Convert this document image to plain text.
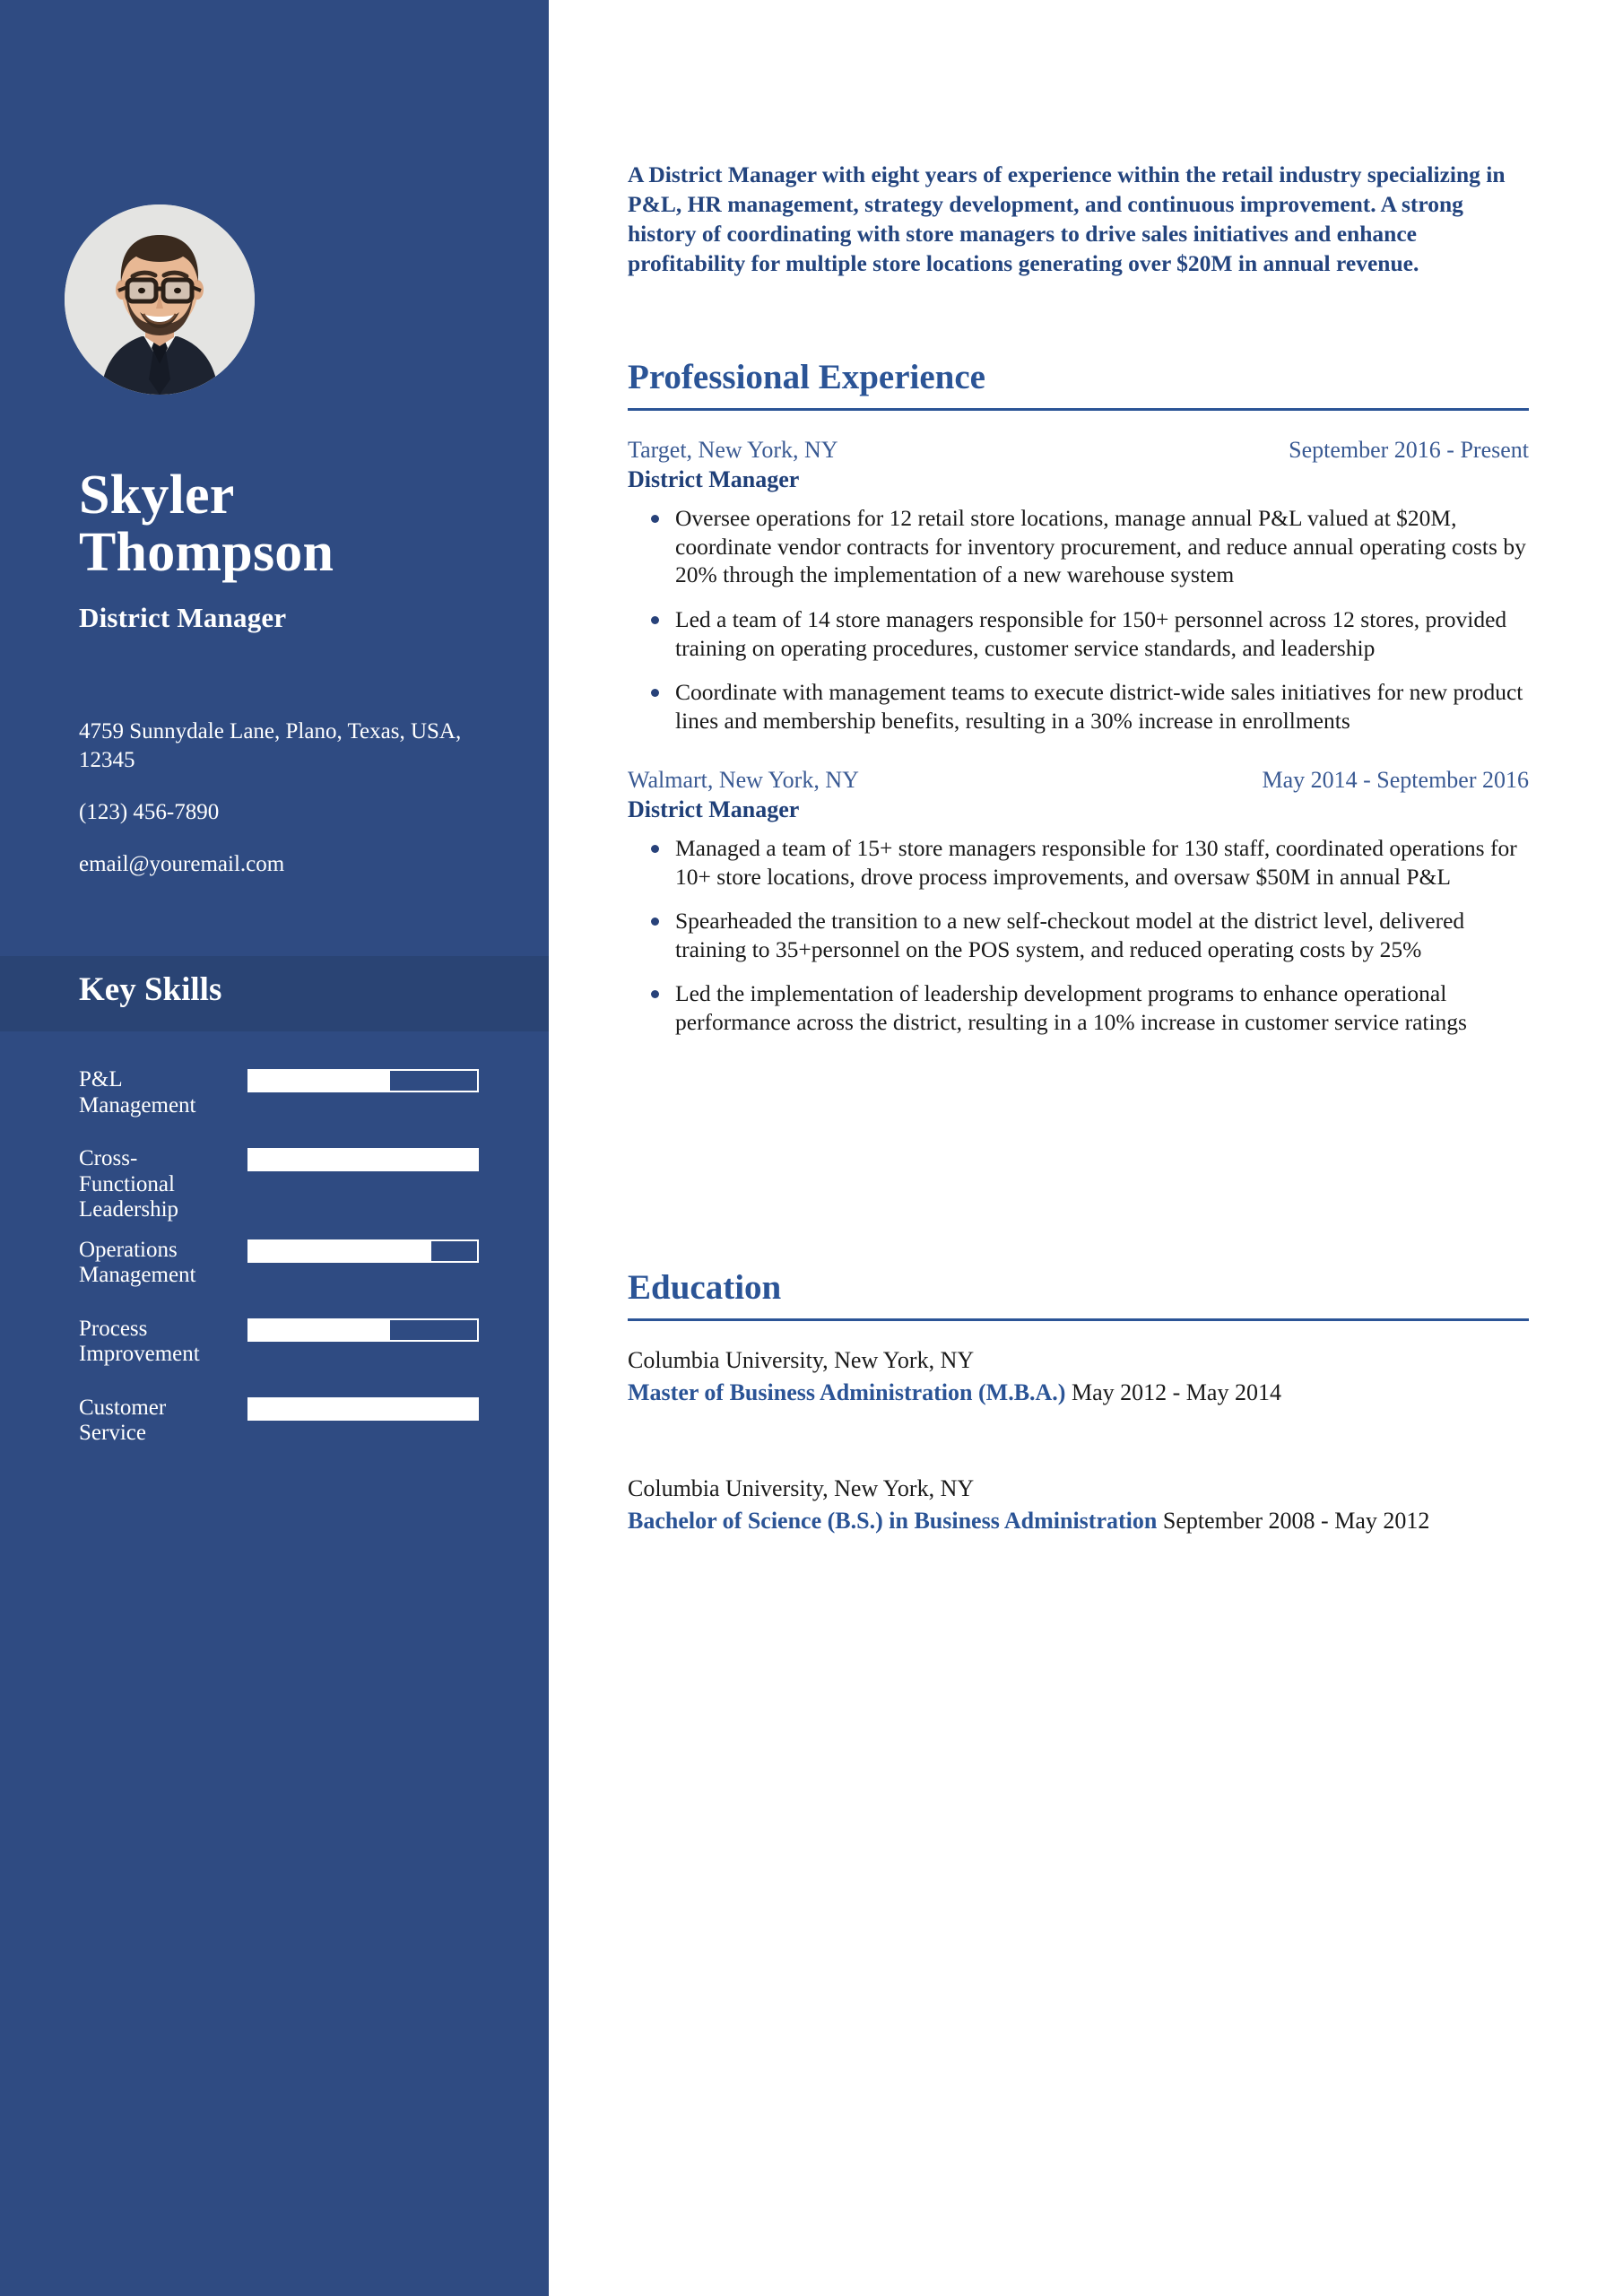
Skyler
Thompson
District Manager
4759 Sunnydale Lane, Plano, Texas, USA, 12345
(123) 456-7890
email@youremail.com
Key Skills
P&L Management
Cross-Functional Leadership
Operations Management
Process Improvement
Customer Service
A District Manager with eight years of experience within the retail industry specializing in P&L, HR management, strategy development, and continuous improvement. A strong history of coordinating with store managers to drive sales initiatives and enhance profitability for multiple store locations generating over $20M in annual revenue.
Professional Experience
Target, New York, NY	September 2016 - Present
District Manager
Oversee operations for 12 retail store locations, manage annual P&L valued at $20M, coordinate vendor contracts for inventory procurement, and reduce annual operating costs by 20% through the implementation of a new warehouse system
Led a team of 14 store managers responsible for 150+ personnel across 12 stores, provided training on operating procedures, customer service standards, and leadership
Coordinate with management teams to execute district-wide sales initiatives for new product lines and membership benefits, resulting in a 30% increase in enrollments
Walmart, New York, NY	May 2014 - September 2016
District Manager
Managed a team of 15+ store managers responsible for 130 staff, coordinated operations for 10+ store locations, drove process improvements, and oversaw $50M in annual P&L
Spearheaded the transition to a new self-checkout model at the district level, delivered training to 35+personnel on the POS system, and reduced operating costs by 25%
Led the implementation of leadership development programs to enhance operational performance across the district, resulting in a 10% increase in customer service ratings
Education
Columbia University, New York, NY
Master of Business Administration (M.B.A.) May 2012 - May 2014
Columbia University, New York, NY
Bachelor of Science (B.S.) in Business Administration September 2008 - May 2012
